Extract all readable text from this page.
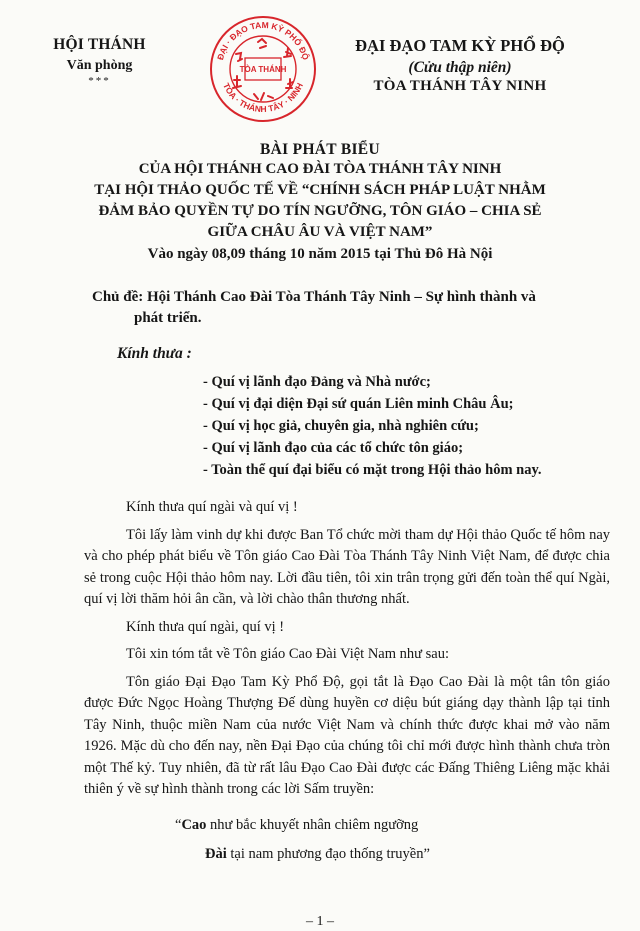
HỘI THÁNH
Văn phòng
***
ĐẠI · ĐẠO TAM KỲ PHỔ ĐỘ
TÒA · THÁNH TÂY · NINH
TÒA THÁNH
ĐẠI ĐẠO TAM KỲ PHỔ ĐỘ
(Cửu thập niên)
TÒA THÁNH TÂY NINH
BÀI PHÁT BIỂU
CỦA HỘI THÁNH CAO ĐÀI TÒA THÁNH TÂY NINH
TẠI HỘI THẢO QUỐC TẾ VỀ “CHÍNH SÁCH PHÁP LUẬT NHẰM
ĐẢM BẢO QUYỀN TỰ DO TÍN NGƯỠNG, TÔN GIÁO – CHIA SẺ
GIỮA CHÂU ÂU VÀ VIỆT NAM”
Vào ngày 08,09 tháng 10 năm 2015 tại Thủ Đô Hà Nội
Chủ đề: Hội Thánh Cao Đài Tòa Thánh Tây Ninh – Sự hình thành và
phát triển.
Kính thưa :
- Quí vị lãnh đạo Đảng và Nhà nước;
- Quí vị đại diện Đại sứ quán Liên minh Châu Âu;
- Quí vị học giả, chuyên gia, nhà nghiên cứu;
- Quí vị lãnh đạo của các tổ chức tôn giáo;
- Toàn thể quí đại biểu có mặt trong Hội thảo hôm nay.

Kính thưa quí ngài và quí vị !

Tôi lấy làm vinh dự khi được Ban Tổ chức mời tham dự Hội thảo Quốc tế hôm nay và cho phép phát biểu về Tôn giáo Cao Đài Tòa Thánh Tây Ninh Việt Nam, để được chia sẻ trong cuộc Hội thảo hôm nay. Lời đầu tiên, tôi xin trân trọng gửi đến toàn thể quí Ngài, quí vị lời thăm hỏi ân cần, và lời chào thân thương nhất.

Kính thưa quí ngài, quí vị !

Tôi xin tóm tắt về Tôn giáo Cao Đài Việt Nam như sau:

Tôn giáo Đại Đạo Tam Kỳ Phổ Độ, gọi tắt là Đạo Cao Đài là một tân tôn giáo được Đức Ngọc Hoàng Thượng Đế dùng huyền cơ diệu bút giáng dạy thành lập tại tỉnh Tây Ninh, thuộc miền Nam của nước Việt Nam và chính thức được khai mở vào năm 1926. Mặc dù cho đến nay, nền Đại Đạo của chúng tôi chỉ mới được hình thành chưa tròn một Thế kỷ. Tuy nhiên, đã từ rất lâu Đạo Cao Đài được các Đấng Thiêng Liêng mặc khải thiên ý về sự hình thành trong các lời Sấm truyền:

“Cao như bắc khuyết nhân chiêm ngưỡng
Đài tại nam phương đạo thống truyền”
– 1 –
